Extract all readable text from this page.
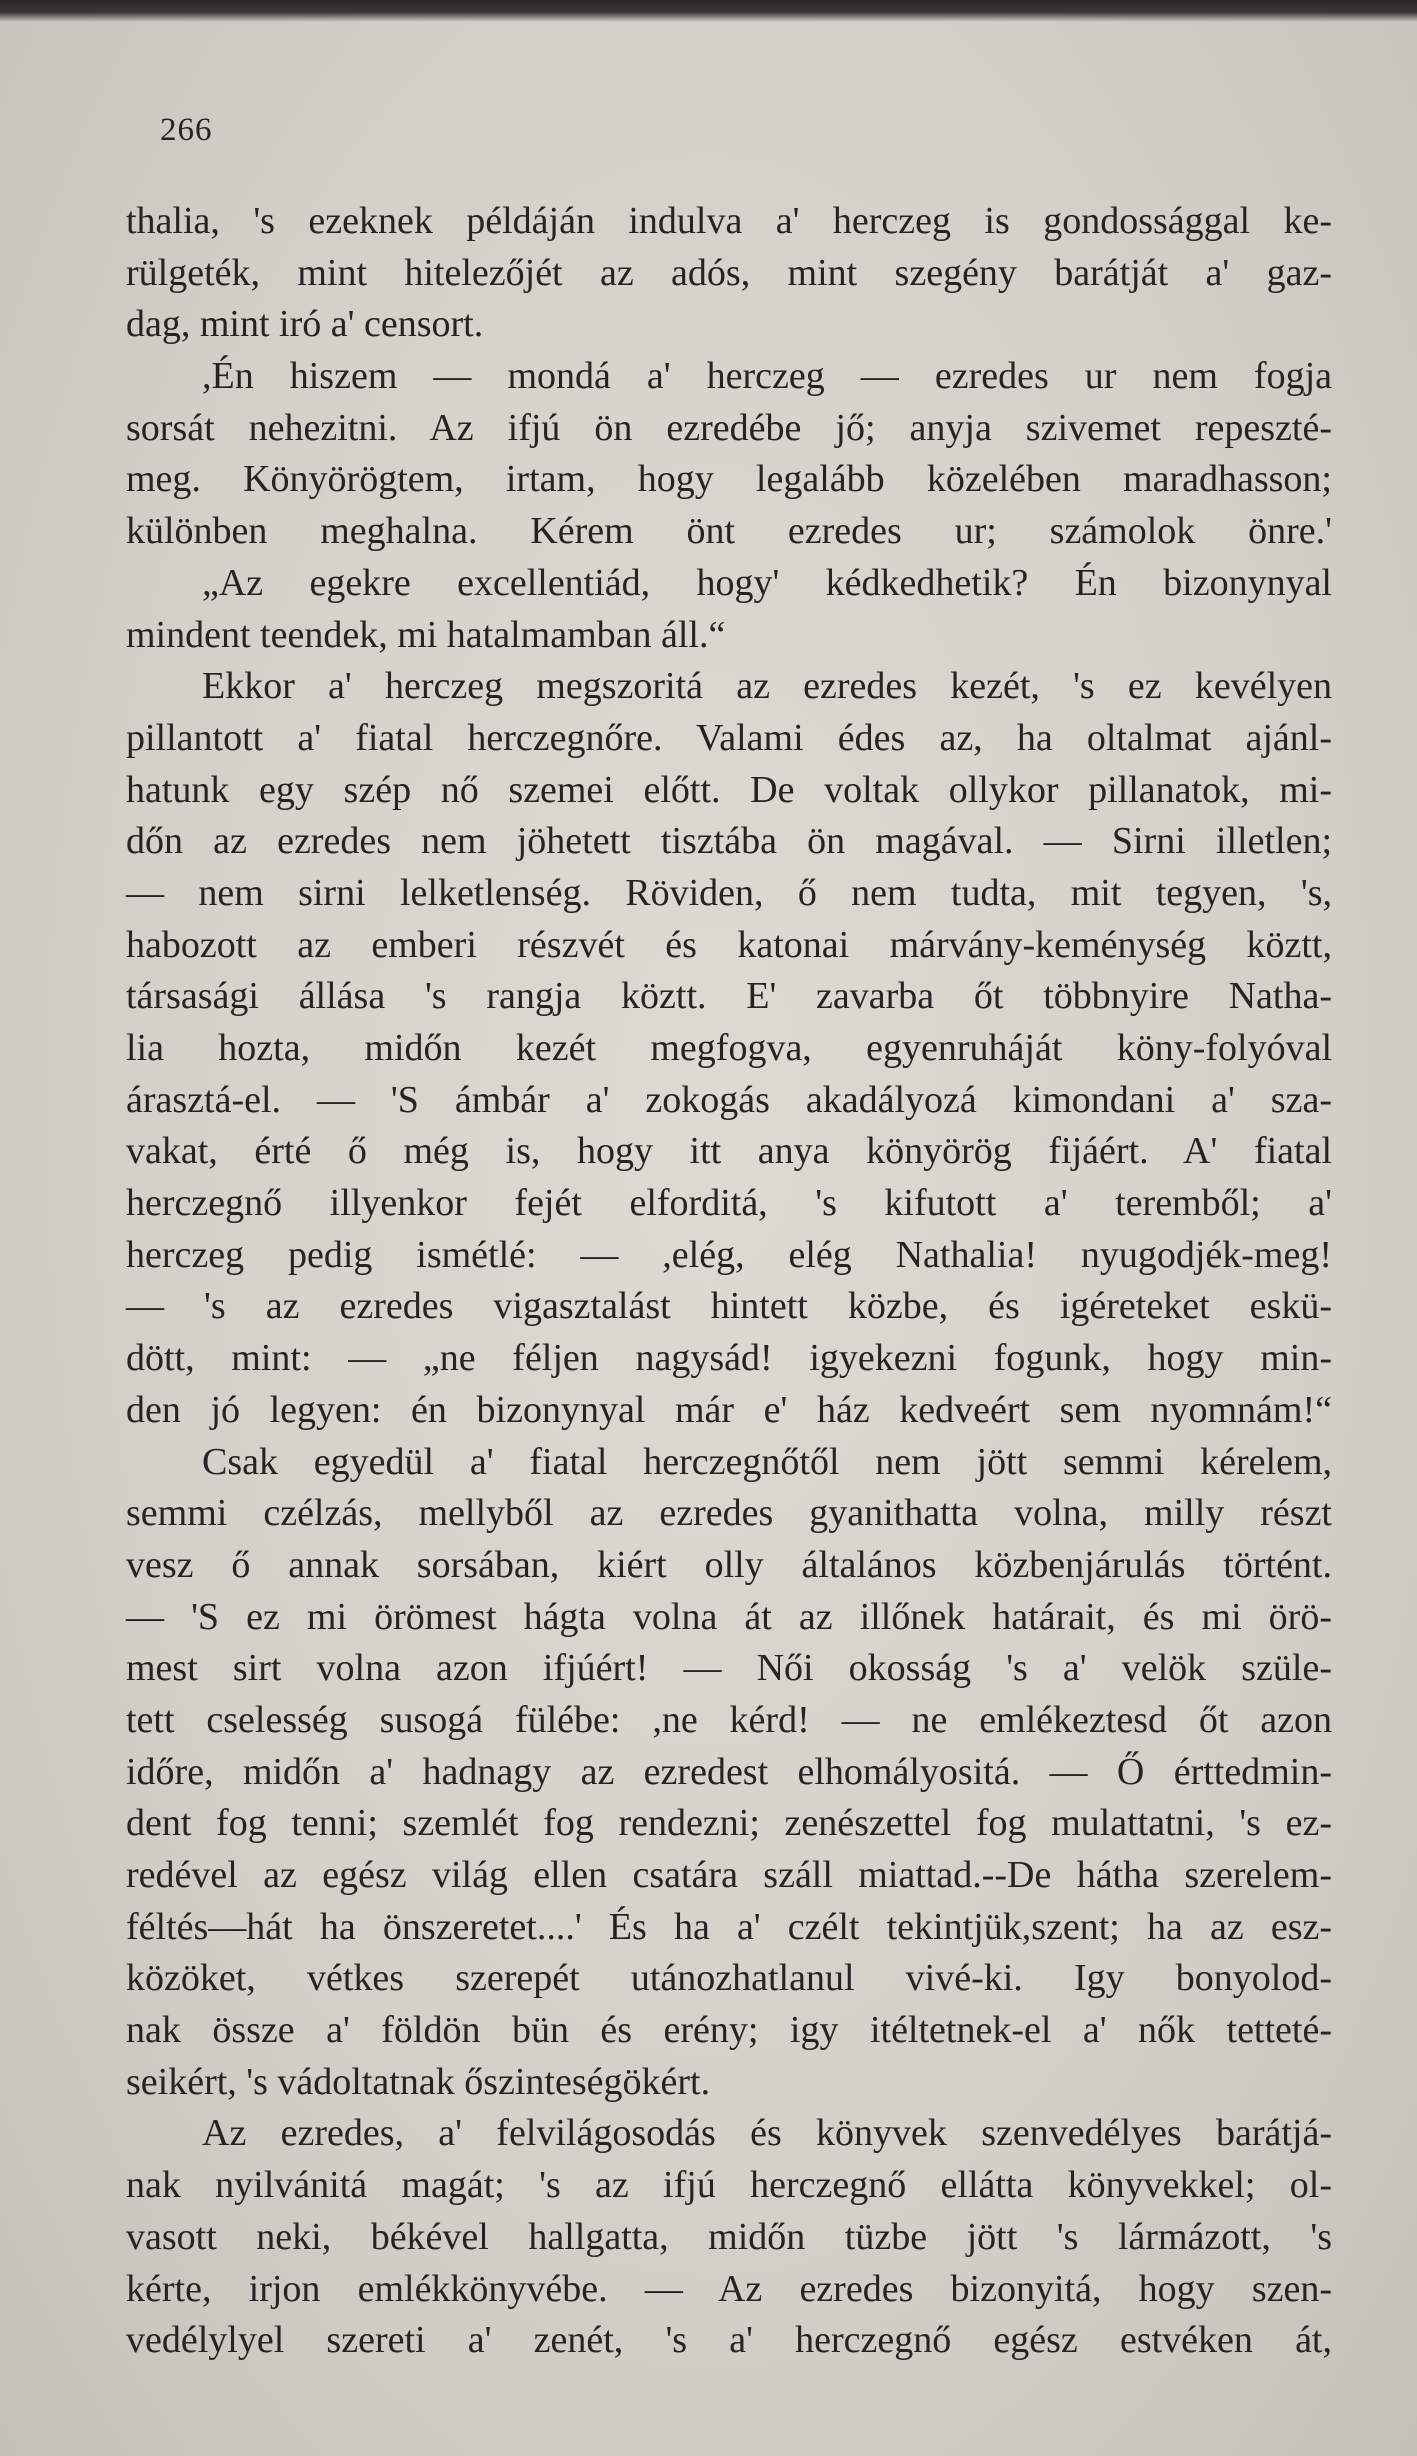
266
thalia, 's ezeknek példáján indulva a' herczeg is gondossággal ke-
rülgeték, mint hitelezőjét az adós, mint szegény barátját a' gaz-
dag, mint iró a' censort.
,Én hiszem — mondá a' herczeg — ezredes ur nem fogja
sorsát nehezitni. Az ifjú ön ezredébe jő; anyja szivemet repeszté-
meg. Könyörögtem, irtam, hogy legalább közelében maradhasson;
különben meghalna. Kérem önt ezredes ur; számolok önre.'
„Az egekre excellentiád, hogy' kédkedhetik? Én bizonynyal
mindent teendek, mi hatalmamban áll.“
Ekkor a' herczeg megszoritá az ezredes kezét, 's ez kevélyen
pillantott a' fiatal herczegnőre. Valami édes az, ha oltalmat ajánl-
hatunk egy szép nő szemei előtt. De voltak ollykor pillanatok, mi-
dőn az ezredes nem jöhetett tisztába ön magával. — Sirni illetlen;
— nem sirni lelketlenség. Röviden, ő nem tudta, mit tegyen, 's,
habozott az emberi részvét és katonai márvány-keménység köztt,
társasági állása 's rangja köztt. E' zavarba őt többnyire Natha-
lia hozta, midőn kezét megfogva, egyenruháját köny-folyóval
árasztá-el. — 'S ámbár a' zokogás akadályozá kimondani a' sza-
vakat, érté ő még is, hogy itt anya könyörög fijáért. A' fiatal
herczegnő illyenkor fejét elforditá, 's kifutott a' teremből; a'
herczeg pedig ismétlé: — ,elég, elég Nathalia! nyugodjék-meg!
— 's az ezredes vigasztalást hintett közbe, és igéreteket eskü-
dött, mint: — „ne féljen nagysád! igyekezni fogunk, hogy min-
den jó legyen: én bizonynyal már e' ház kedveért sem nyomnám!“
Csak egyedül a' fiatal herczegnőtől nem jött semmi kérelem,
semmi czélzás, mellyből az ezredes gyanithatta volna, milly részt
vesz ő annak sorsában, kiért olly általános közbenjárulás történt.
— 'S ez mi örömest hágta volna át az illőnek határait, és mi örö-
mest sirt volna azon ifjúért! — Női okosság 's a' velök szüle-
tett cselesség susogá fülébe: ,ne kérd! — ne emlékeztesd őt azon
időre, midőn a' hadnagy az ezredest elhomályositá. — Ő érttedmin-
dent fog tenni; szemlét fog rendezni; zenészettel fog mulattatni, 's ez-
redével az egész világ ellen csatára száll miattad.--De hátha szerelem-
féltés—hát ha önszeretet....' És ha a' czélt tekintjük,szent; ha az esz-
közöket, vétkes szerepét utánozhatlanul vivé-ki. Igy bonyolod-
nak össze a' földön bün és erény; igy itéltetnek-el a' nők tetteté-
seikért, 's vádoltatnak őszinteségökért.
Az ezredes, a' felvilágosodás és könyvek szenvedélyes barátjá-
nak nyilvánitá magát; 's az ifjú herczegnő ellátta könyvekkel; ol-
vasott neki, békével hallgatta, midőn tüzbe jött 's lármázott, 's
kérte, irjon emlékkönyvébe. — Az ezredes bizonyitá, hogy szen-
vedélylyel szereti a' zenét, 's a' herczegnő egész estvéken át,
